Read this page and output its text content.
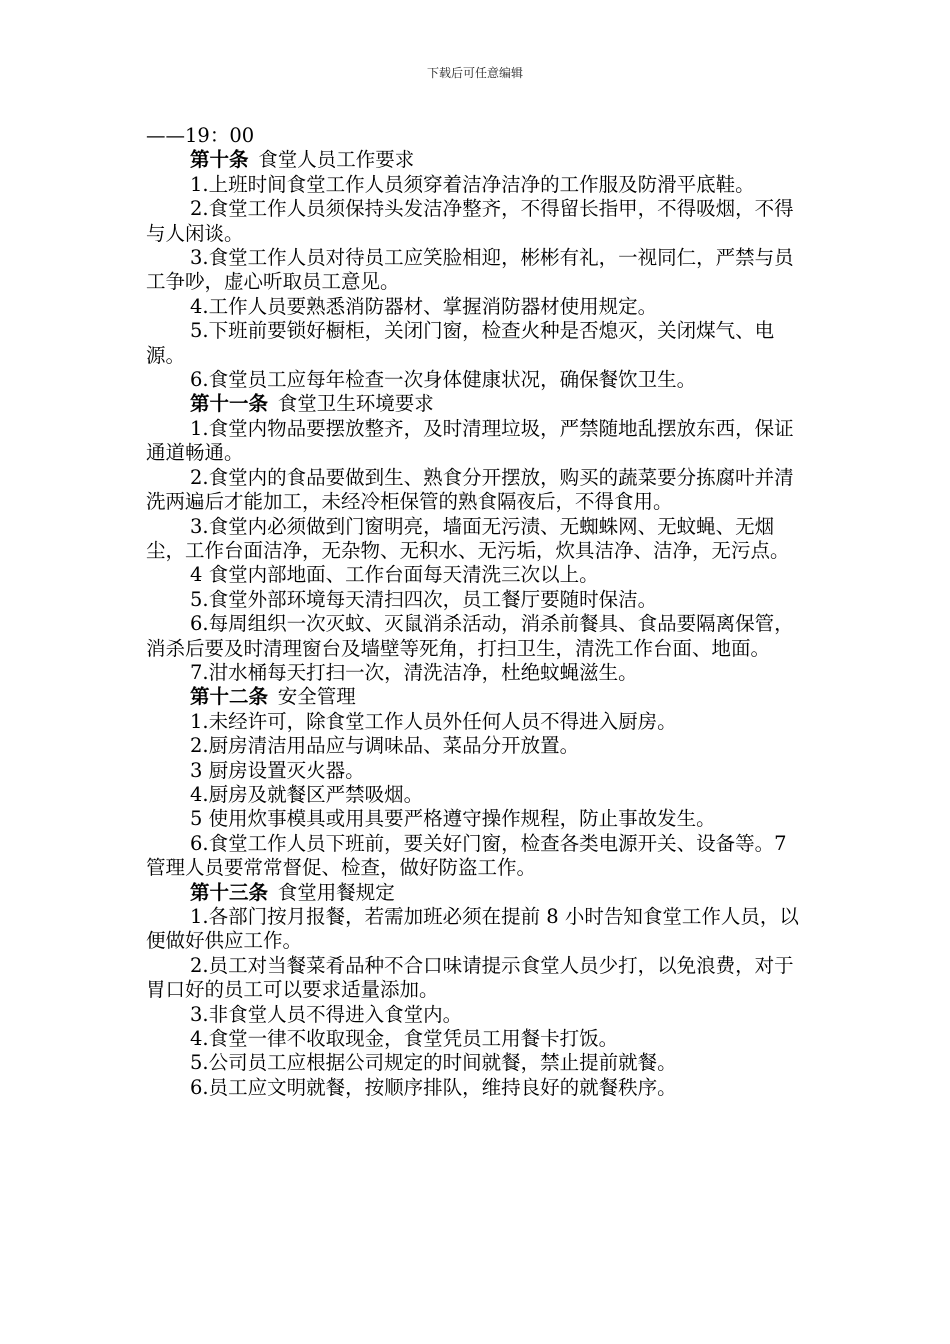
下载后可任意编辑
——19：00
第十条 食堂人员工作要求
1.上班时间食堂工作人员须穿着洁净洁净的工作服及防滑平底鞋。
2.食堂工作人员须保持头发洁净整齐，不得留长指甲，不得吸烟，不得与人闲谈。
3.食堂工作人员对待员工应笑脸相迎，彬彬有礼，一视同仁，严禁与员工争吵，虚心听取员工意见。
4.工作人员要熟悉消防器材、掌握消防器材使用规定。
5.下班前要锁好橱柜，关闭门窗，检查火种是否熄灭，关闭煤气、电源。
6.食堂员工应每年检查一次身体健康状况，确保餐饮卫生。
第十一条 食堂卫生环境要求
1.食堂内物品要摆放整齐，及时清理垃圾，严禁随地乱摆放东西，保证通道畅通。
2.食堂内的食品要做到生、熟食分开摆放，购买的蔬菜要分拣腐叶并清洗两遍后才能加工，未经冷柜保管的熟食隔夜后，不得食用。
3.食堂内必须做到门窗明亮，墙面无污渍、无蜘蛛网、无蚊蝇、无烟尘，工作台面洁净，无杂物、无积水、无污垢，炊具洁净、洁净，无污点。
4 食堂内部地面、工作台面每天清洗三次以上。
5.食堂外部环境每天清扫四次，员工餐厅要随时保洁。
6.每周组织一次灭蚊、灭鼠消杀活动，消杀前餐具、食品要隔离保管，消杀后要及时清理窗台及墙壁等死角，打扫卫生，清洗工作台面、地面。
7.泔水桶每天打扫一次，清洗洁净，杜绝蚊蝇滋生。
第十二条 安全管理
1.未经许可，除食堂工作人员外任何人员不得进入厨房。
2.厨房清洁用品应与调味品、菜品分开放置。
3 厨房设置灭火器。
4.厨房及就餐区严禁吸烟。
5 使用炊事模具或用具要严格遵守操作规程，防止事故发生。
6.食堂工作人员下班前，要关好门窗，检查各类电源开关、设备等。7 管理人员要常常督促、检查，做好防盗工作。
第十三条 食堂用餐规定
1.各部门按月报餐，若需加班必须在提前 8 小时告知食堂工作人员，以便做好供应工作。
2.员工对当餐菜肴品种不合口味请提示食堂人员少打，以免浪费，对于胃口好的员工可以要求适量添加。
3.非食堂人员不得进入食堂内。
4.食堂一律不收取现金，食堂凭员工用餐卡打饭。
5.公司员工应根据公司规定的时间就餐，禁止提前就餐。
6.员工应文明就餐，按顺序排队，维持良好的就餐秩序。
